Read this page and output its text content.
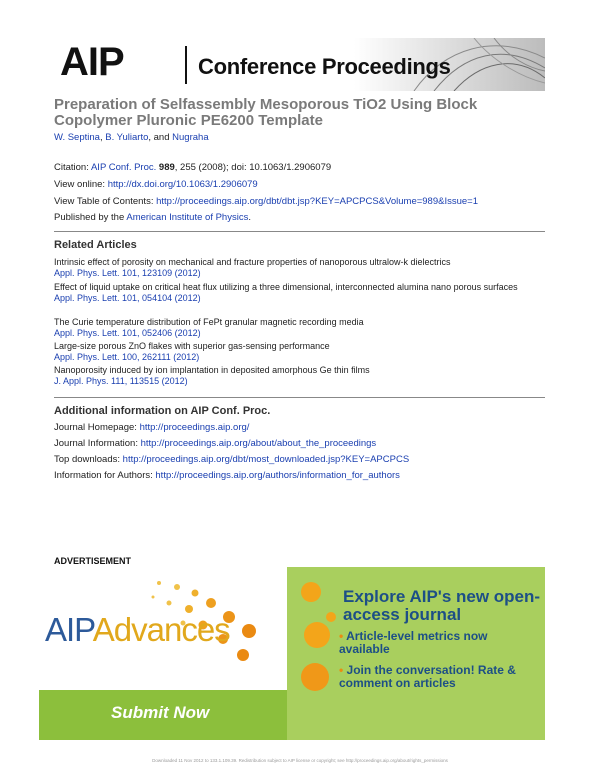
AIP	Conference Proceedings
Preparation of Selfassembly Mesoporous TiO2 Using Block Copolymer Pluronic PE6200 Template
W. Septina, B. Yuliarto, and Nugraha
Citation: AIP Conf. Proc. 989, 255 (2008); doi: 10.1063/1.2906079
View online: http://dx.doi.org/10.1063/1.2906079
View Table of Contents: http://proceedings.aip.org/dbt/dbt.jsp?KEY=APCPCS&Volume=989&Issue=1
Published by the American Institute of Physics.
Related Articles
Intrinsic effect of porosity on mechanical and fracture properties of nanoporous ultralow-k dielectrics
Appl. Phys. Lett. 101, 123109 (2012)
Effect of liquid uptake on critical heat flux utilizing a three dimensional, interconnected alumina nano porous surfaces
Appl. Phys. Lett. 101, 054104 (2012)
The Curie temperature distribution of FePt granular magnetic recording media
Appl. Phys. Lett. 101, 052406 (2012)
Large-size porous ZnO flakes with superior gas-sensing performance
Appl. Phys. Lett. 100, 262111 (2012)
Nanoporosity induced by ion implantation in deposited amorphous Ge thin films
J. Appl. Phys. 111, 113515 (2012)
Additional information on AIP Conf. Proc.
Journal Homepage: http://proceedings.aip.org/
Journal Information: http://proceedings.aip.org/about/about_the_proceedings
Top downloads: http://proceedings.aip.org/dbt/most_downloaded.jsp?KEY=APCPCS
Information for Authors: http://proceedings.aip.org/authors/information_for_authors
ADVERTISEMENT
AIPAdvances
Submit Now
Explore AIP's new open-access journal
• Article-level metrics now available
• Join the conversation! Rate & comment on articles
Downloaded 11 Nov 2012 to 133.1.109.39. Redistribution subject to AIP license or copyright; see http://proceedings.aip.org/about/rights_permissions
